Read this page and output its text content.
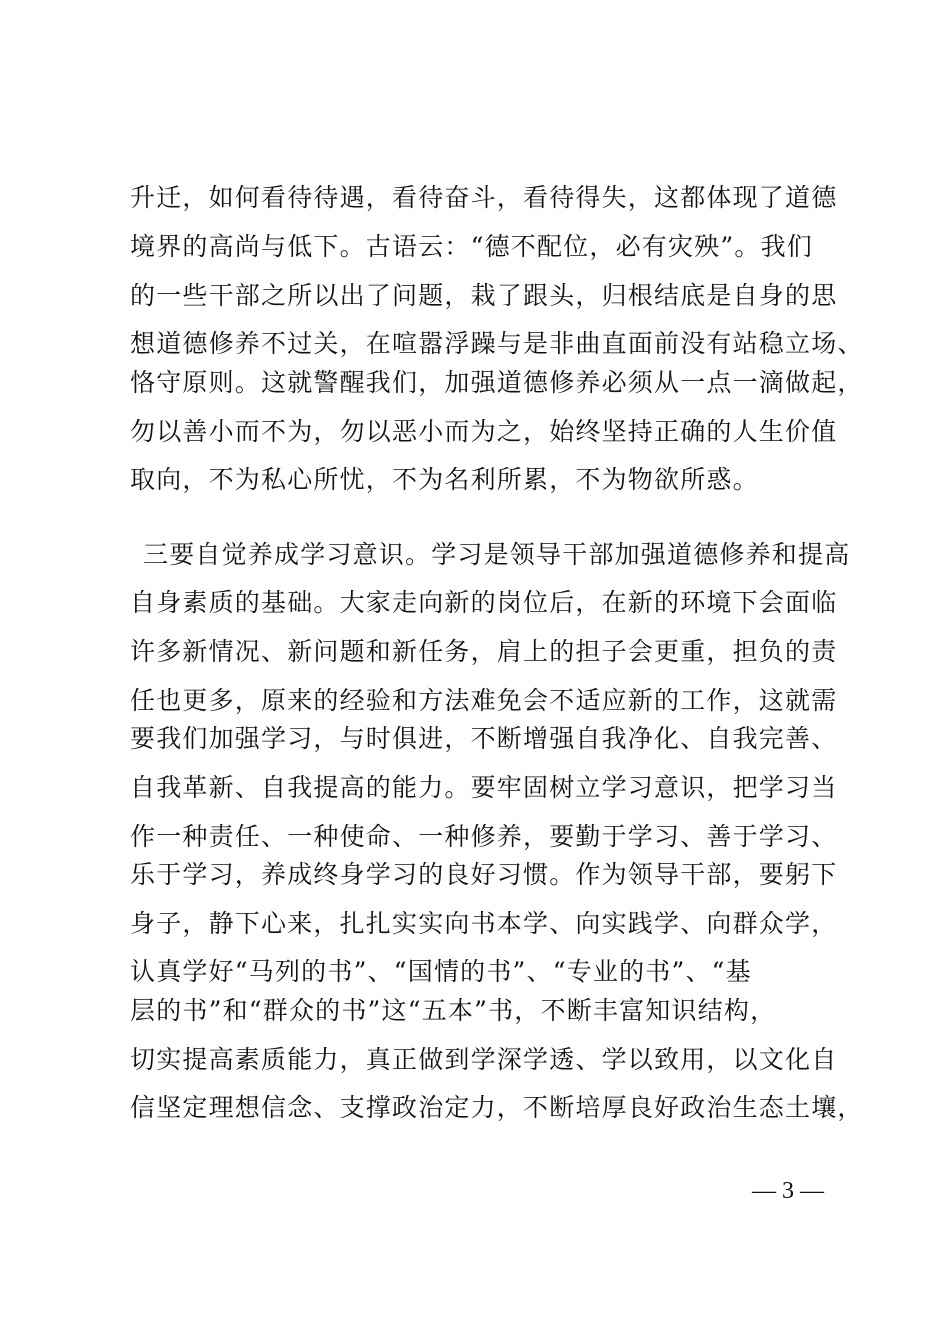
升迁，如何看待待遇，看待奋斗，看待得失，这都体现了道德
境界的高尚与低下。古语云：“德不配位，必有灾殃”。我们
的一些干部之所以出了问题，栽了跟头，归根结底是自身的思
想道德修养不过关，在喧嚣浮躁与是非曲直面前没有站稳立场、
恪守原则。这就警醒我们，加强道德修养必须从一点一滴做起，
勿以善小而不为，勿以恶小而为之，始终坚持正确的人生价值
取向，不为私心所忧，不为名利所累，不为物欲所惑。
三要自觉养成学习意识。学习是领导干部加强道德修养和提高
自身素质的基础。大家走向新的岗位后，在新的环境下会面临
许多新情况、新问题和新任务，肩上的担子会更重，担负的责
任也更多，原来的经验和方法难免会不适应新的工作，这就需
要我们加强学习，与时俱进，不断增强自我净化、自我完善、
自我革新、自我提高的能力。要牢固树立学习意识，把学习当
作一种责任、一种使命、一种修养，要勤于学习、善于学习、
乐于学习，养成终身学习的良好习惯。作为领导干部，要躬下
身子，静下心来，扎扎实实向书本学、向实践学、向群众学，
认真学好“马列的书”、“国情的书”、“专业的书”、“基
层的书”和“群众的书”这“五本”书，不断丰富知识结构，
切实提高素质能力，真正做到学深学透、学以致用，以文化自
信坚定理想信念、支撑政治定力，不断培厚良好政治生态土壤，
— 3 —
